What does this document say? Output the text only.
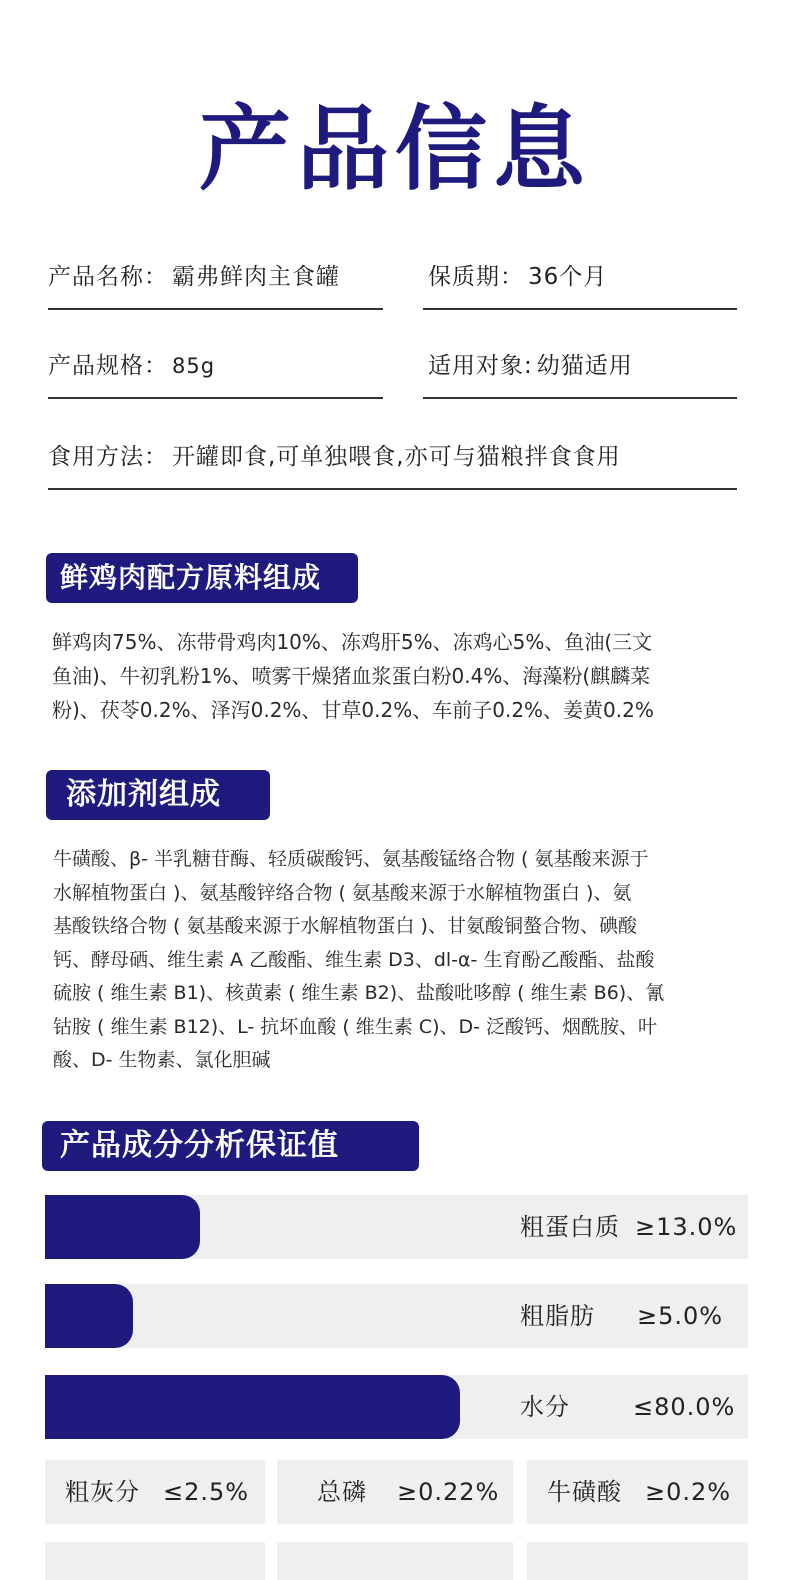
产品信息
产品名称： 霸弗鲜肉主食罐	保质期： 36个月
产品规格： 85g	适用对象: 幼猫适用
食用方法： 开罐即食,可单独喂食,亦可与猫粮拌食食用
鲜鸡肉配方原料组成
鲜鸡肉75%、冻带骨鸡肉10%、冻鸡肝5%、冻鸡心5%、鱼油(三文
鱼油)、牛初乳粉1%、喷雾干燥猪血浆蛋白粉0.4%、海藻粉(麒麟菜
粉)、茯苓0.2%、泽泻0.2%、甘草0.2%、车前子0.2%、姜黄0.2%
添加剂组成
牛磺酸、β- 半乳糖苷酶、轻质碳酸钙、氨基酸锰络合物 ( 氨基酸来源于
水解植物蛋白 )、氨基酸锌络合物 ( 氨基酸来源于水解植物蛋白 )、氨
基酸铁络合物 ( 氨基酸来源于水解植物蛋白 )、甘氨酸铜螯合物、碘酸
钙、酵母硒、维生素 A 乙酸酯、维生素 D3、dl-α- 生育酚乙酸酯、盐酸
硫胺 ( 维生素 B1)、核黄素 ( 维生素 B2)、盐酸吡哆醇 ( 维生素 B6)、氰
钴胺 ( 维生素 B12)、L- 抗坏血酸 ( 维生素 C)、D- 泛酸钙、烟酰胺、叶
酸、D- 生物素、氯化胆碱
产品成分分析保证值
粗蛋白质 ≥13.0%
粗脂肪 ≥5.0%
水分	≤80.0%
粗灰分 ≤2.5%	总磷 ≥0.22% 牛磺酸 ≥0.2%
